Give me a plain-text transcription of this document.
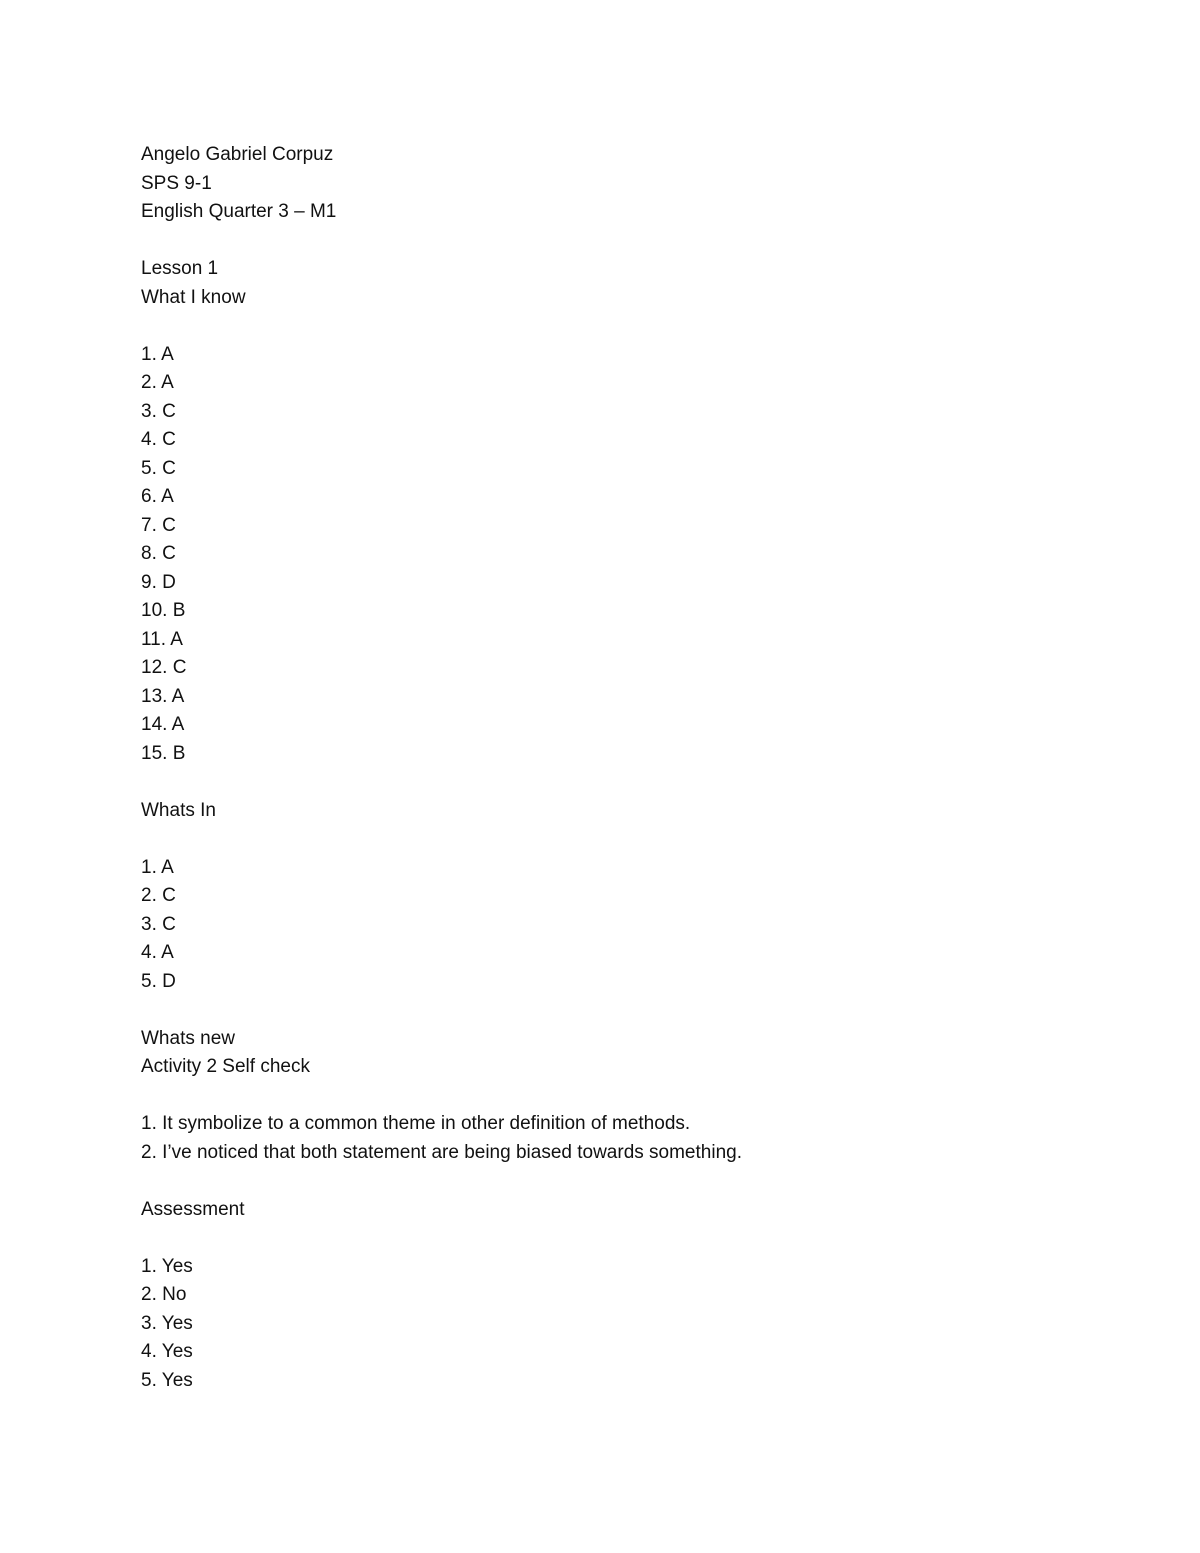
Angelo Gabriel Corpuz
SPS 9-1
English Quarter 3 – M1
Lesson 1
What I know
1. A
2. A
3. C
4. C
5. C
6. A
7. C
8. C
9. D
10. B
11. A
12. C
13. A
14. A
15. B
Whats In
1. A
2. C
3. C
4. A
5. D
Whats new
Activity 2 Self check
1. It symbolize to a common theme in other definition of methods.
2. I’ve noticed that both statement are being biased towards something.
Assessment
1. Yes
2. No
3. Yes
4. Yes
5. Yes
